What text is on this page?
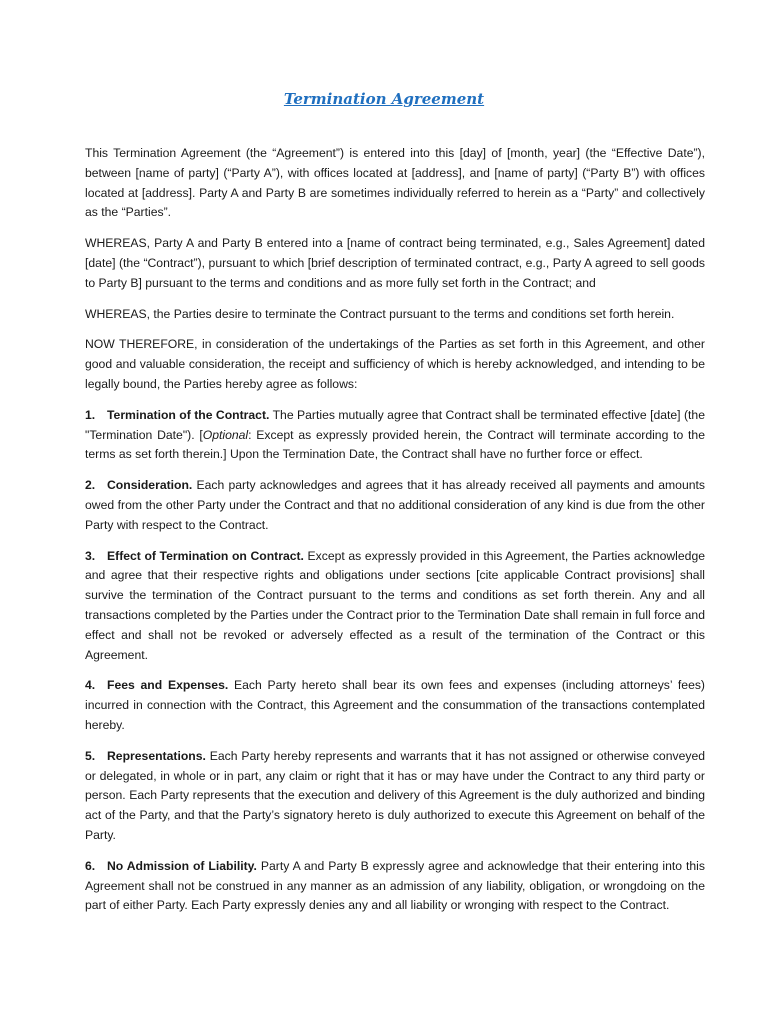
Termination Agreement

This Termination Agreement (the “Agreement”) is entered into this [day] of [month, year] (the “Effective Date”), between [name of party] (“Party A”), with offices located at [address], and [name of party] (“Party B”) with offices located at [address]. Party A and Party B are sometimes individually referred to herein as a “Party” and collectively as the “Parties”.

WHEREAS, Party A and Party B entered into a [name of contract being terminated, e.g., Sales Agreement] dated [date] (the “Contract”), pursuant to which [brief description of terminated contract, e.g., Party A agreed to sell goods to Party B] pursuant to the terms and conditions and as more fully set forth in the Contract; and

WHEREAS, the Parties desire to terminate the Contract pursuant to the terms and conditions set forth herein.

NOW THEREFORE, in consideration of the undertakings of the Parties as set forth in this Agreement, and other good and valuable consideration, the receipt and sufficiency of which is hereby acknowledged, and intending to be legally bound, the Parties hereby agree as follows:

1. Termination of the Contract. The Parties mutually agree that Contract shall be terminated effective [date] (the "Termination Date"). [Optional: Except as expressly provided herein, the Contract will terminate according to the terms as set forth therein.] Upon the Termination Date, the Contract shall have no further force or effect.

2. Consideration. Each party acknowledges and agrees that it has already received all payments and amounts owed from the other Party under the Contract and that no additional consideration of any kind is due from the other Party with respect to the Contract.

3. Effect of Termination on Contract. Except as expressly provided in this Agreement, the Parties acknowledge and agree that their respective rights and obligations under sections [cite applicable Contract provisions] shall survive the termination of the Contract pursuant to the terms and conditions as set forth therein. Any and all transactions completed by the Parties under the Contract prior to the Termination Date shall remain in full force and effect and shall not be revoked or adversely effected as a result of the termination of the Contract or this Agreement.

4. Fees and Expenses. Each Party hereto shall bear its own fees and expenses (including attorneys’ fees) incurred in connection with the Contract, this Agreement and the consummation of the transactions contemplated hereby.

5. Representations. Each Party hereby represents and warrants that it has not assigned or otherwise conveyed or delegated, in whole or in part, any claim or right that it has or may have under the Contract to any third party or person. Each Party represents that the execution and delivery of this Agreement is the duly authorized and binding act of the Party, and that the Party’s signatory hereto is duly authorized to execute this Agreement on behalf of the Party.

6. No Admission of Liability. Party A and Party B expressly agree and acknowledge that their entering into this Agreement shall not be construed in any manner as an admission of any liability, obligation, or wrongdoing on the part of either Party. Each Party expressly denies any and all liability or wronging with respect to the Contract.
